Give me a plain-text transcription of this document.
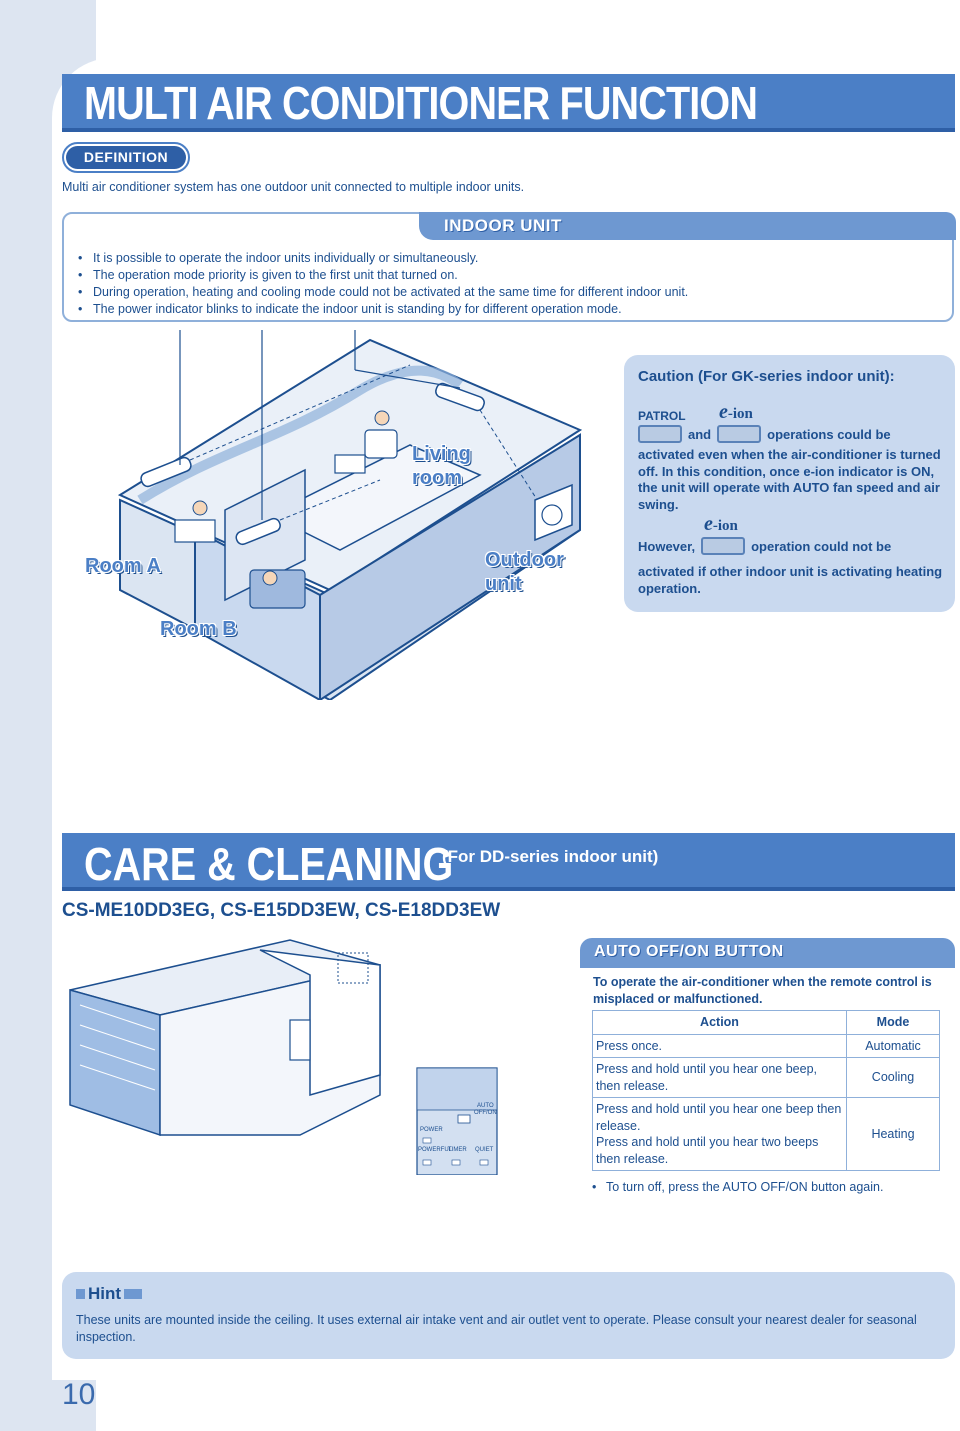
10
MULTI AIR CONDITIONER FUNCTION
DEFINITION
Multi air conditioner system has one outdoor unit connected to multiple indoor units.
INDOOR UNIT
• It is possible to operate the indoor units individually or simultaneously.
• The operation mode priority is given to the first unit that turned on.
• During operation, heating and cooling mode could not be activated at the same time for different indoor unit.
• The power indicator blinks to indicate the indoor unit is standing by for different operation mode.
Living
room
Outdoor
unit
Room A
Room B
Caution (For GK-series indoor unit):
PATROL e-ion
and	operations could be
activated even when the air-conditioner is turned off. In this condition, once e-ion indicator is ON, the unit will operate with AUTO fan speed and air swing.
e-ion
However,	operation could not be
activated if other indoor unit is activating heating operation.
CARE & CLEANING
(For DD-series indoor unit)
CS-ME10DD3EG, CS-E15DD3EW, CS-E18DD3EW
AUTO
OFF/ON
POWER
POWERFUL
TIMER QUIET
AUTO OFF/ON BUTTON
To operate the air-conditioner when the remote control is misplaced or malfunctioned.
Action	Mode
Press once.	Automatic
Press and hold until you hear one beep, then release.	Cooling

Press and hold until you hear one beep then release.
Press and hold until you hear two beeps then release.	Heating
• To turn off, press the AUTO OFF/ON button again.
Hint
These units are mounted inside the ceiling. It uses external air intake vent and air outlet vent to operate. Please consult your nearest dealer for seasonal inspection.
